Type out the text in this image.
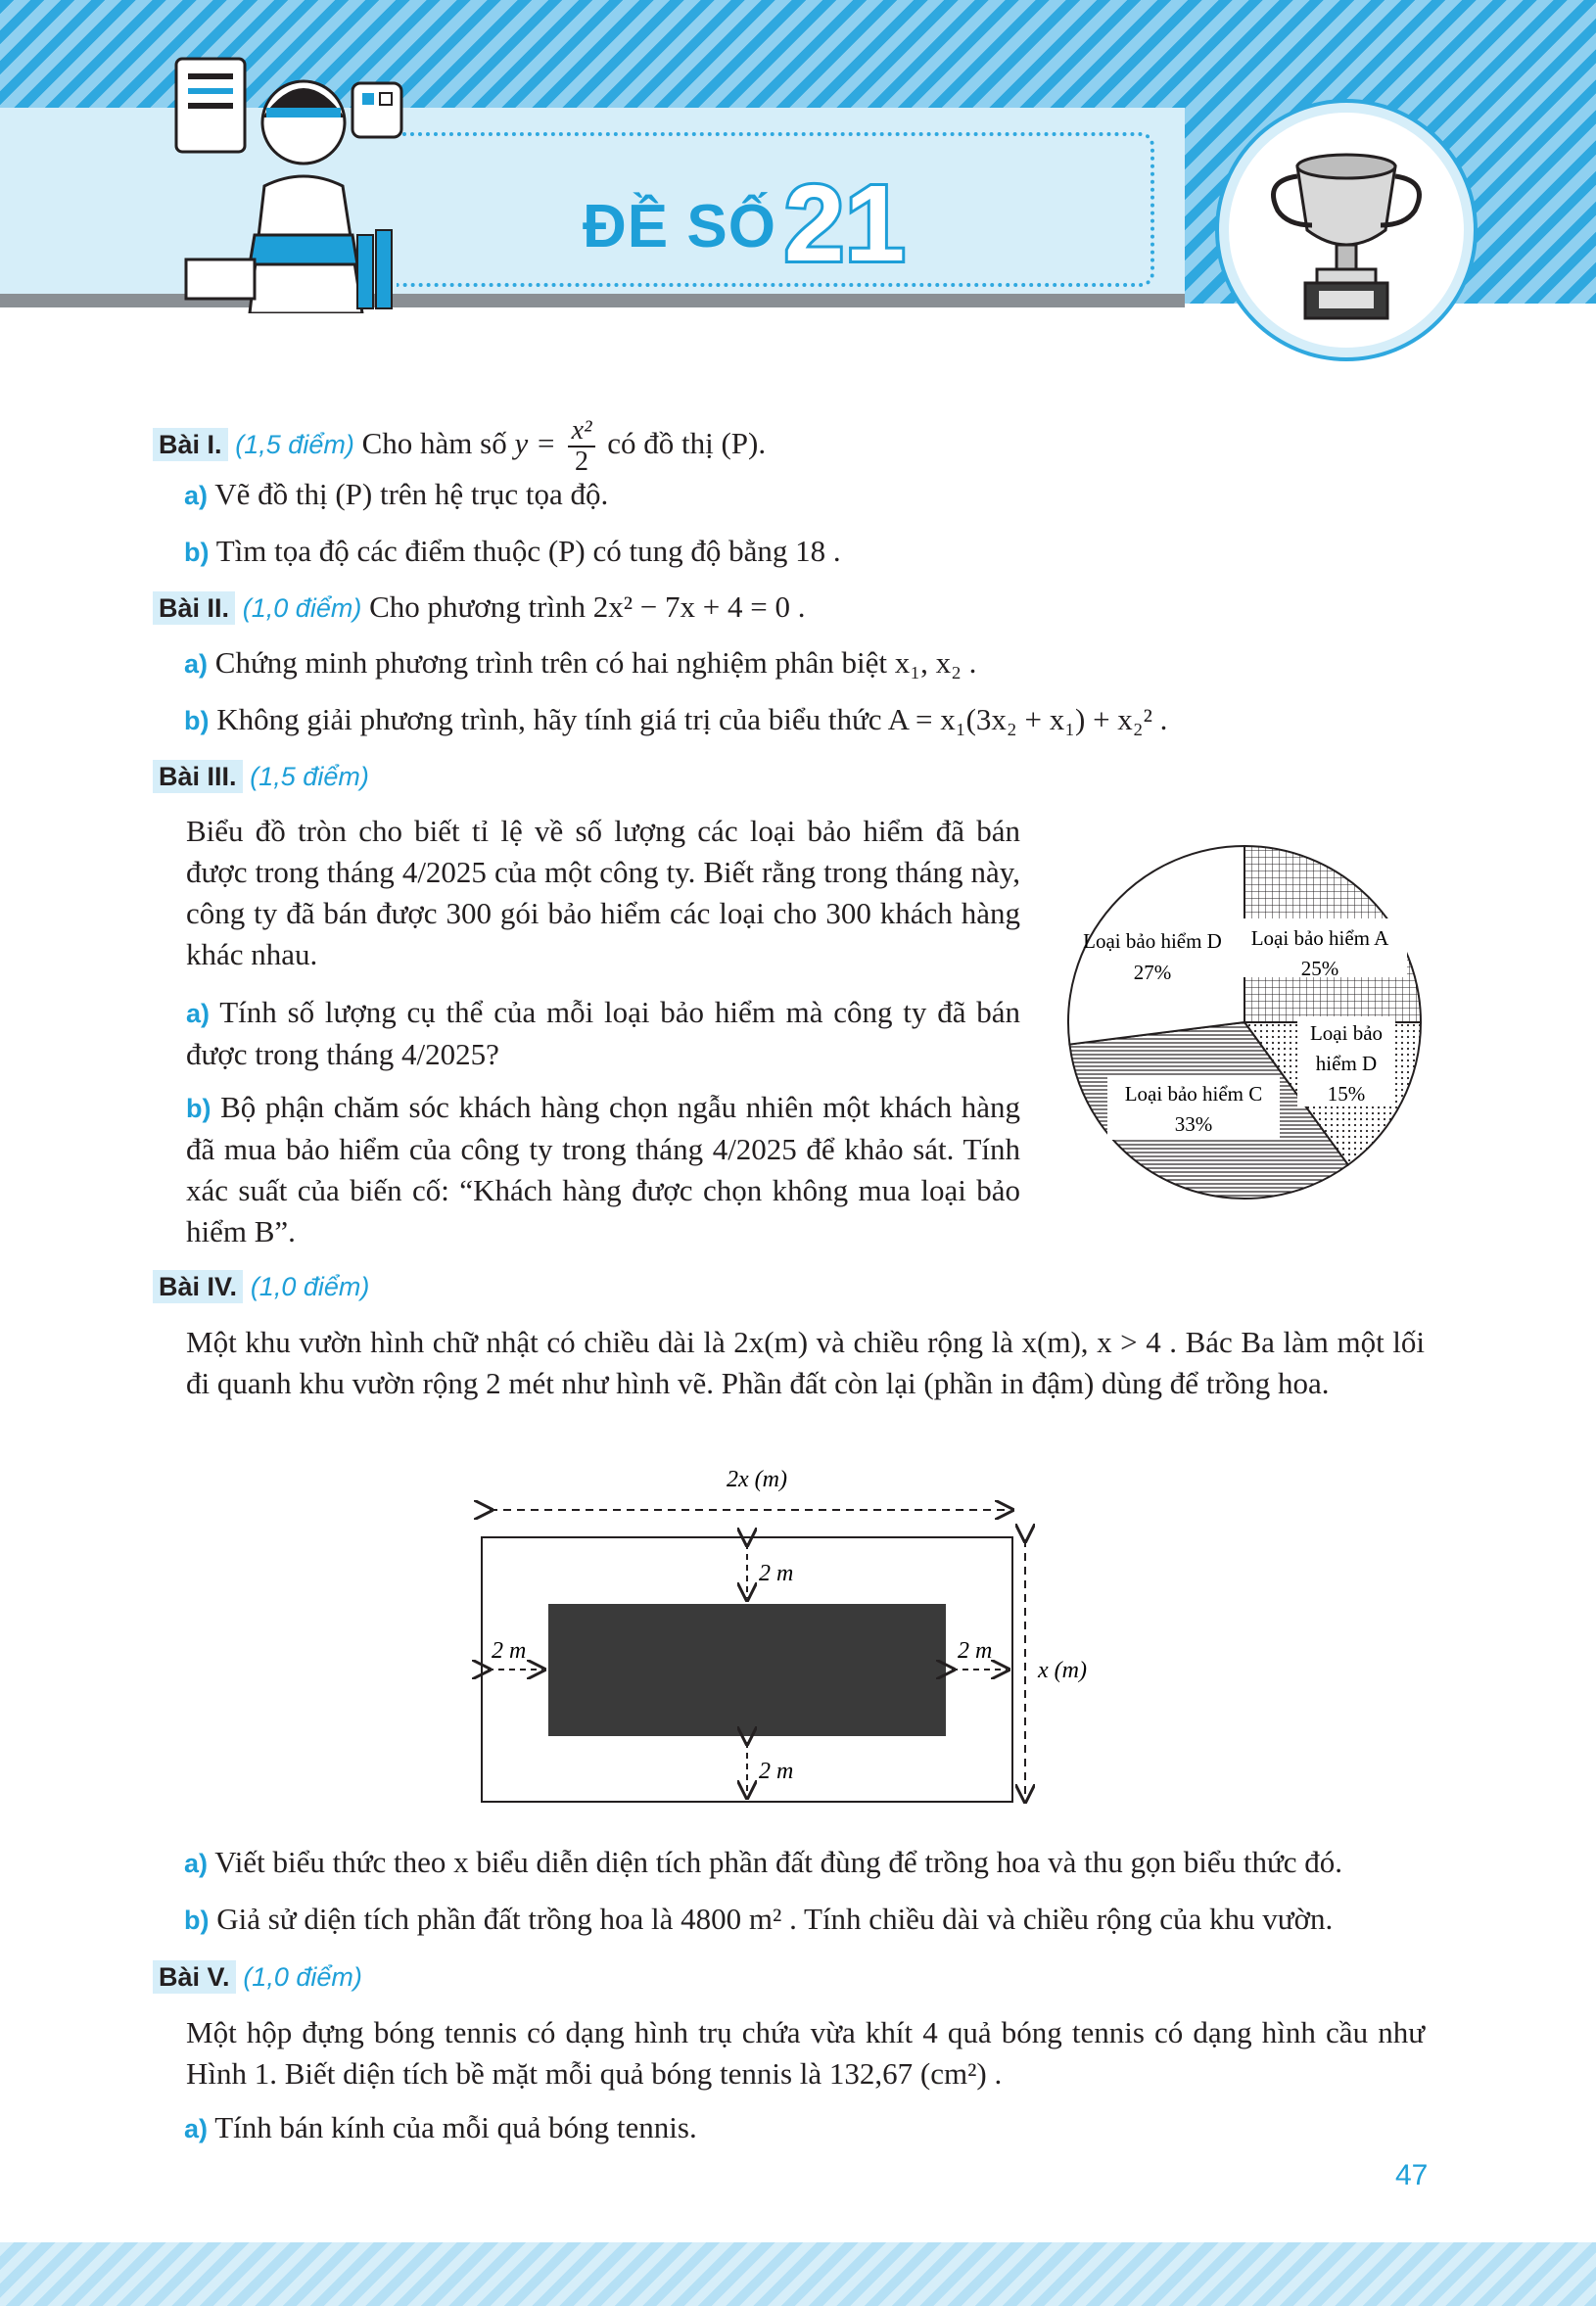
ĐỀ SỐ21
Bài I. (1,5 điểm) Cho hàm số $y = \frac{\text{x²}}{2}$ có đồ thị (P).
a) Vẽ đồ thị (P) trên hệ trục tọa độ.
b) Tìm tọa độ các điểm thuộc (P) có tung độ bằng 18 .
Bài II. (1,0 điểm) Cho phương trình 2x² − 7x + 4 = 0 .
a) Chứng minh phương trình trên có hai nghiệm phân biệt x₁, x₂ .
b) Không giải phương trình, hãy tính giá trị của biểu thức A = x₁(3x₂ + x₁) + x₂² .
Bài III. (1,5 điểm)
Biểu đồ tròn cho biết tỉ lệ về số lượng các loại bảo hiểm đã bán được trong tháng 4/2025 của một công ty. Biết rằng trong tháng này, công ty đã bán được 300 gói bảo hiểm các loại cho 300 khách hàng khác nhau.
a) Tính số lượng cụ thể của mỗi loại bảo hiểm mà công ty đã bán được trong tháng 4/2025?
b) Bộ phận chăm sóc khách hàng chọn ngẫu nhiên một khách hàng đã mua bảo hiểm của công ty trong tháng 4/2025 để khảo sát. Tính xác suất của biến cố: “Khách hàng được chọn không mua loại bảo hiểm B”.
Loại bảo hiểm A
25%
Loại bảo
hiểm D
15%
Loại bảo hiểm C
33%
Loại bảo hiểm D
27%
Bài IV. (1,0 điểm)
Một khu vườn hình chữ nhật có chiều dài là 2x(m) và chiều rộng là x(m), x > 4 . Bác Ba làm một lối đi quanh khu vườn rộng 2 mét như hình vẽ. Phần đất còn lại (phần in đậm) dùng để trồng hoa.
2x (m)
2 m
2 m
2 m	2 m
x (m)
a) Viết biểu thức theo x biểu diễn diện tích phần đất đùng để trồng hoa và thu gọn biểu thức đó.
b) Giả sử diện tích phần đất trồng hoa là 4800 m² . Tính chiều dài và chiều rộng của khu vườn.
Bài V. (1,0 điểm)
Một hộp đựng bóng tennis có dạng hình trụ chứa vừa khít 4 quả bóng tennis có dạng hình cầu như Hình 1. Biết diện tích bề mặt mỗi quả bóng tennis là 132,67 (cm²) .
a) Tính bán kính của mỗi quả bóng tennis.
47
